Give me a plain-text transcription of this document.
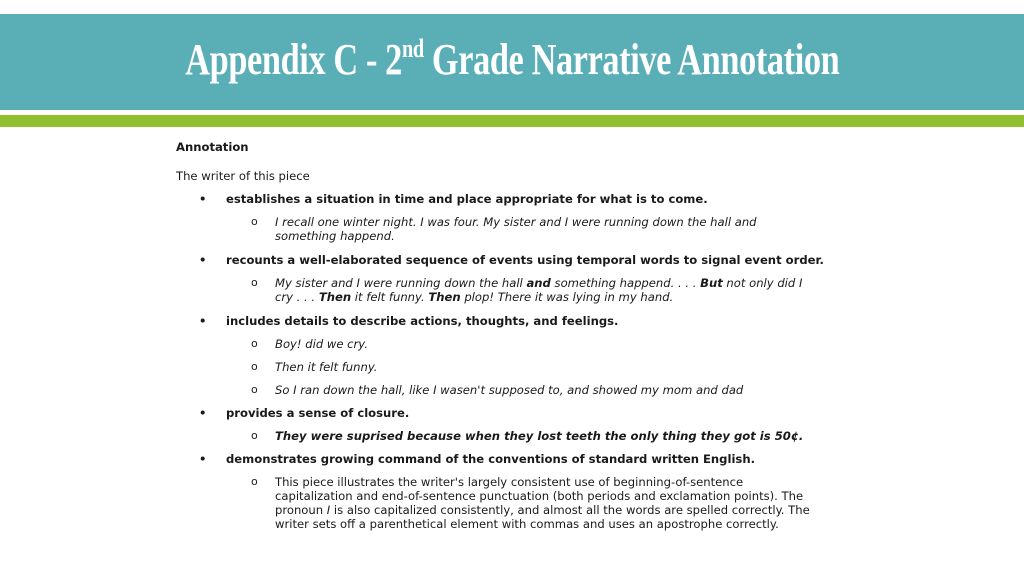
Appendix C - 2nd Grade Narrative Annotation
Annotation
The writer of this piece
• establishes a situation in time and place appropriate for what is to come.
o I recall one winter night. I was four. My sister and I were running down the hall and something happend.
• recounts a well-elaborated sequence of events using temporal words to signal event order.
o My sister and I were running down the hall and something happend. . . . But not only did I cry . . . Then it felt funny. Then plop! There it was lying in my hand.
• includes details to describe actions, thoughts, and feelings.
o Boy! did we cry.
o Then it felt funny.
o So I ran down the hall, like I wasen't supposed to, and showed my mom and dad
• provides a sense of closure.
o They were suprised because when they lost teeth the only thing they got is 50¢.
• demonstrates growing command of the conventions of standard written English.
o This piece illustrates the writer's largely consistent use of beginning-of-sentence capitalization and end-of-sentence punctuation (both periods and exclamation points). The pronoun I is also capitalized consistently, and almost all the words are spelled correctly. The writer sets off a parenthetical element with commas and uses an apostrophe correctly.
